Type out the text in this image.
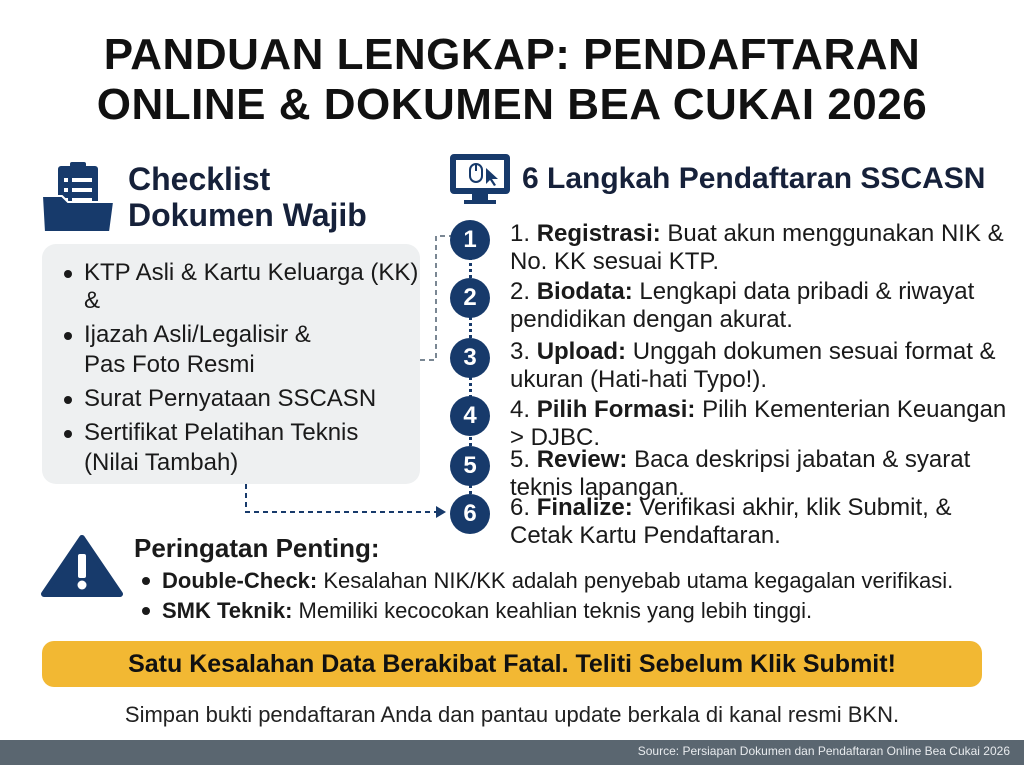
PANDUAN LENGKAP: PENDAFTARAN
ONLINE & DOKUMEN BEA CUKAI 2026
Checklist
Dokumen Wajib
KTP Asli & Kartu Keluarga (KK)
&
Ijazah Asli/Legalisir &
Pas Foto Resmi
Surat Pernyataan SSCASN
Sertifikat Pelatihan Teknis
(Nilai Tambah)
6 Langkah Pendaftaran SSCASN
1	1. Registrasi: Buat akun menggunakan NIK & No. KK sesuai KTP.
2	2. Biodata: Lengkapi data pribadi & riwayat pendidikan dengan akurat.
3	3. Upload: Unggah dokumen sesuai format & ukuran (Hati-hati Typo!).
4	4. Pilih Formasi: Pilih Kementerian Keuangan > DJBC.
5	5. Review: Baca deskripsi jabatan & syarat teknis lapangan.
6	6. Finalize: Verifikasi akhir, klik Submit, & Cetak Kartu Pendaftaran.
Peringatan Penting:
Double-Check: Kesalahan NIK/KK adalah penyebab utama kegagalan verifikasi.
SMK Teknik: Memiliki kecocokan keahlian teknis yang lebih tinggi.
Satu Kesalahan Data Berakibat Fatal. Teliti Sebelum Klik Submit!
Simpan bukti pendaftaran Anda dan pantau update berkala di kanal resmi BKN.
Source: Persiapan Dokumen dan Pendaftaran Online Bea Cukai 2026
